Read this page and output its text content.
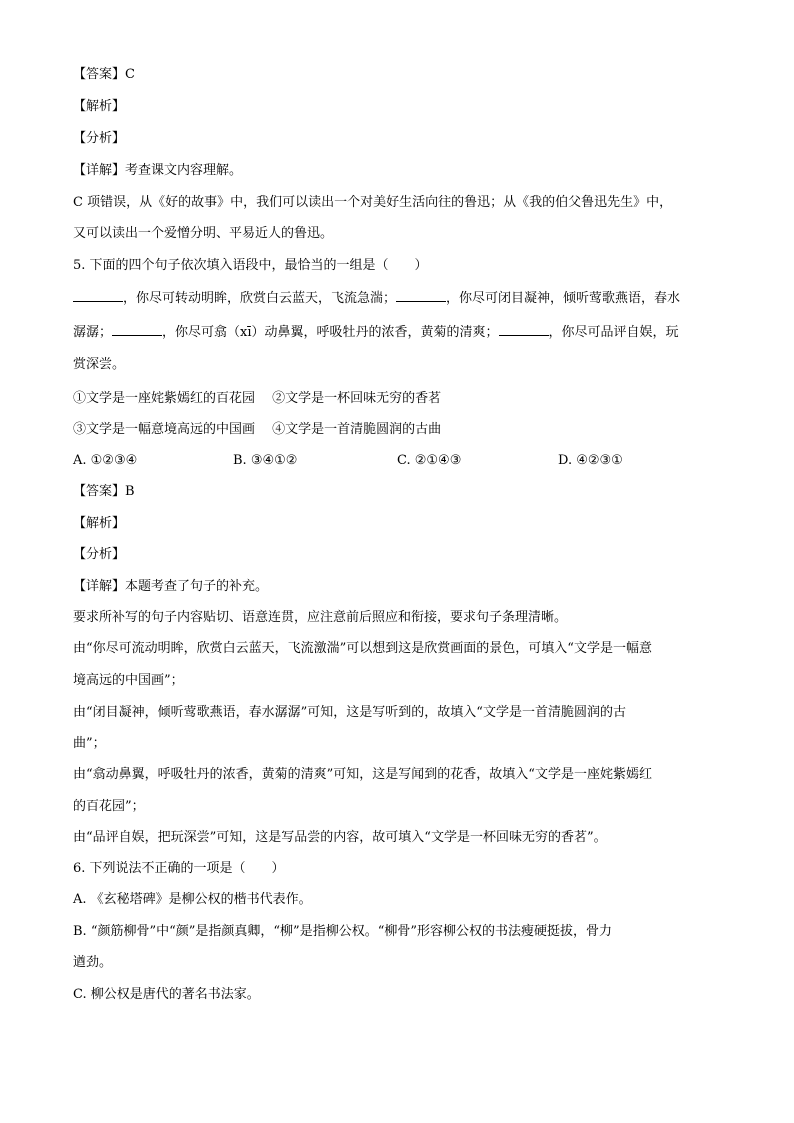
【答案】C
【解析】
【分析】
【详解】考查课文内容理解。
C 项错误，从《好的故事》中，我们可以读出一个对美好生活向往的鲁迅；从《我的伯父鲁迅先生》中，
又可以读出一个爱憎分明、平易近人的鲁迅。
5. 下面的四个句子依次填入语段中，最恰当的一组是（　　）
，你尽可转动明眸，欣赏白云蓝天，飞流急湍；	，你尽可闭目凝神，倾听莺歌燕语，春水
潺潺；	，你尽可翕（xī）动鼻翼，呼吸牡丹的浓香，黄菊的清爽；	，你尽可品评自娱，玩
赏深尝。
①文学是一座姹紫嫣红的百花园　 ②文学是一杯回味无穷的香茗
③文学是一幅意境高远的中国画　 ④文学是一首清脆圆润的古曲
A. ①②③④	B. ③④①②	C. ②①④③	D. ④②③①
【答案】B
【解析】
【分析】
【详解】本题考查了句子的补充。
要求所补写的句子内容贴切、语意连贯，应注意前后照应和衔接，要求句子条理清晰。
由“你尽可流动明眸，欣赏白云蓝天，飞流激湍”可以想到这是欣赏画面的景色，可填入“文学是一幅意
境高远的中国画”；
由“闭目凝神，倾听莺歌燕语，春水潺潺”可知，这是写听到的，故填入“文学是一首清脆圆润的古
曲”；
由“翕动鼻翼，呼吸牡丹的浓香，黄菊的清爽”可知，这是写闻到的花香，故填入“文学是一座姹紫嫣红
的百花园”；
由“品评自娱，把玩深尝”可知，这是写品尝的内容，故可填入“文学是一杯回味无穷的香茗”。
6. 下列说法不正确的一项是（　　）
A. 《玄秘塔碑》是柳公权的楷书代表作。
B. “颜筋柳骨”中“颜”是指颜真卿，“柳”是指柳公权。“柳骨”形容柳公权的书法瘦硬挺拔，骨力
遒劲。
C. 柳公权是唐代的著名书法家。
